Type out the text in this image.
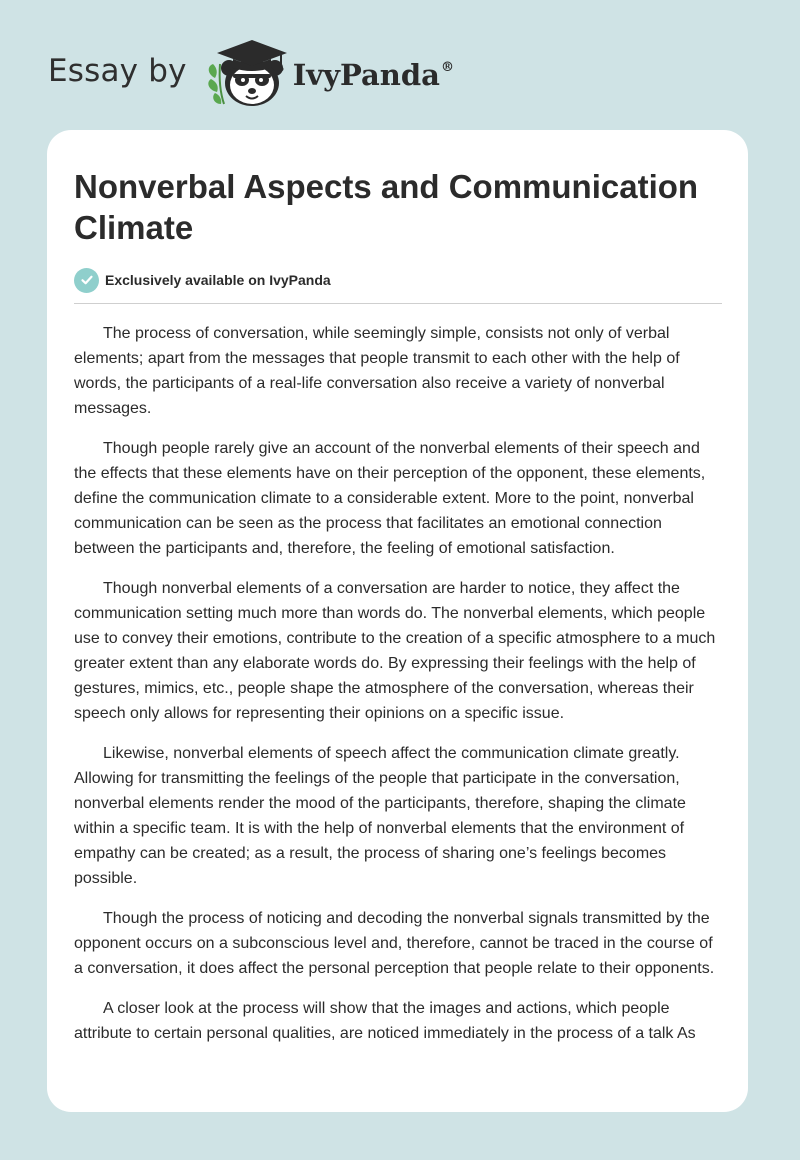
Essay by	IvyPanda®
Nonverbal Aspects and Communication Climate
Exclusively available on IvyPanda

The process of conversation, while seemingly simple, consists not only of verbal elements; apart from the messages that people transmit to each other with the help of words, the participants of a real-life conversation also receive a variety of nonverbal messages.

Though people rarely give an account of the nonverbal elements of their speech and the effects that these elements have on their perception of the opponent, these elements, define the communication climate to a considerable extent. More to the point, nonverbal communication can be seen as the process that facilitates an emotional connection between the participants and, therefore, the feeling of emotional satisfaction.

Though nonverbal elements of a conversation are harder to notice, they affect the communication setting much more than words do. The nonverbal elements, which people use to convey their emotions, contribute to the creation of a specific atmosphere to a much greater extent than any elaborate words do. By expressing their feelings with the help of gestures, mimics, etc., people shape the atmosphere of the conversation, whereas their speech only allows for representing their opinions on a specific issue.

Likewise, nonverbal elements of speech affect the communication climate greatly. Allowing for transmitting the feelings of the people that participate in the conversation, nonverbal elements render the mood of the participants, therefore, shaping the climate within a specific team. It is with the help of nonverbal elements that the environment of empathy can be created; as a result, the process of sharing one’s feelings becomes possible.

Though the process of noticing and decoding the nonverbal signals transmitted by the opponent occurs on a subconscious level and, therefore, cannot be traced in the course of a conversation, it does affect the personal perception that people relate to their opponents.

A closer look at the process will show that the images and actions, which people attribute to certain personal qualities, are noticed immediately in the process of a talk As
